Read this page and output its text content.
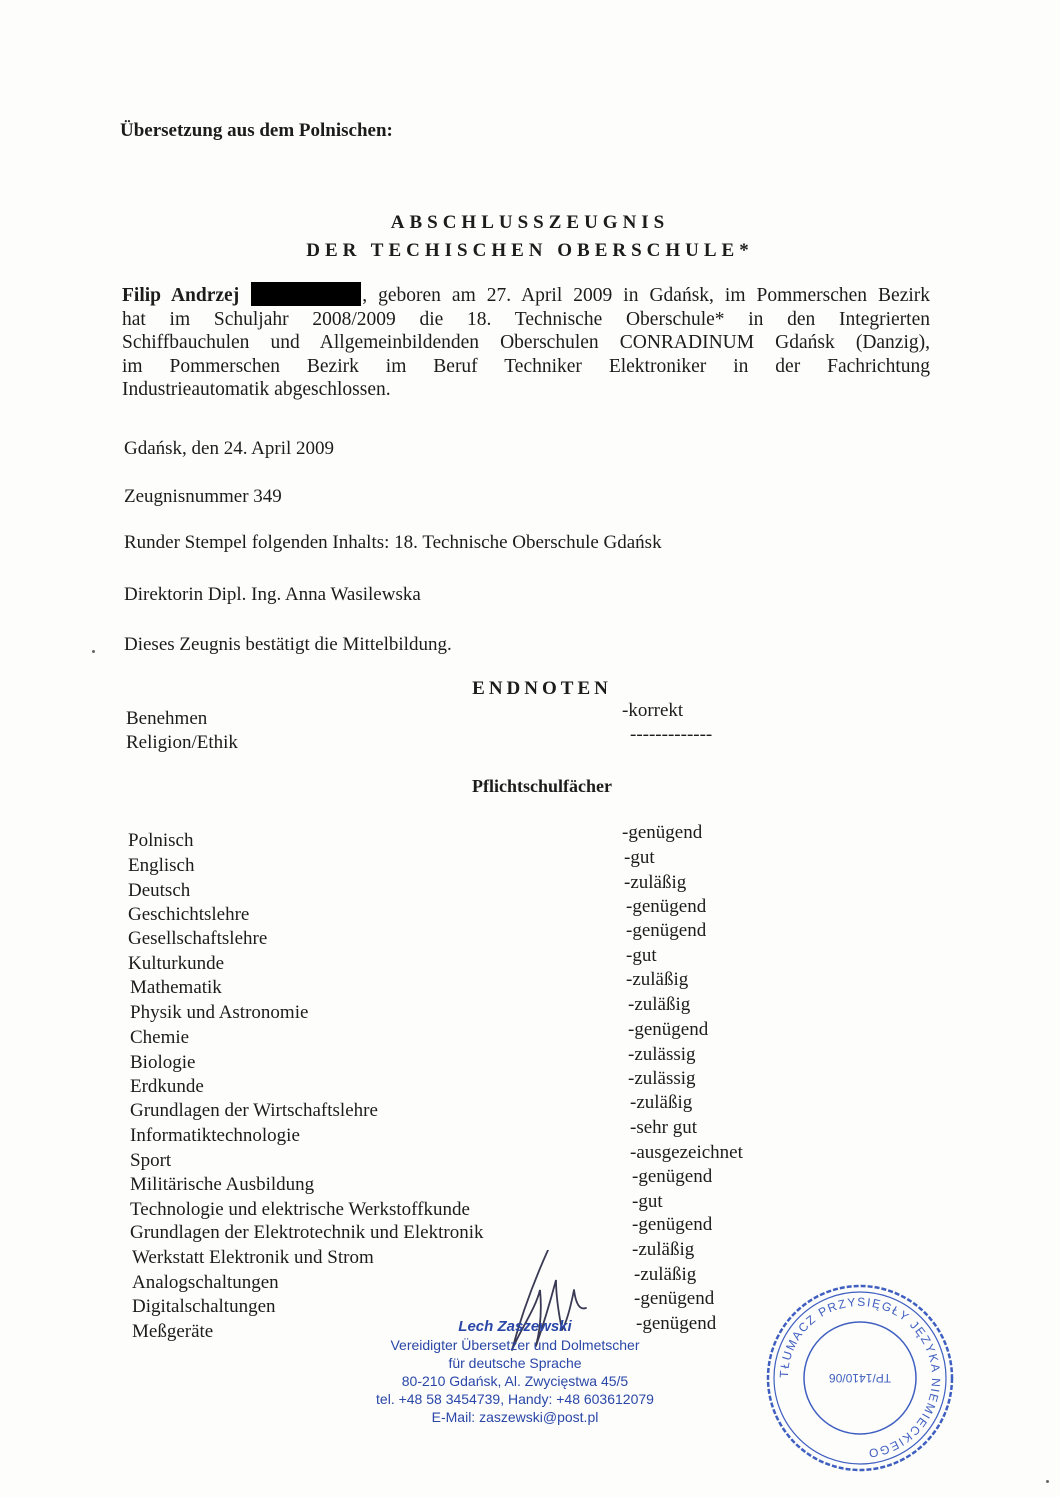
Übersetzung aus dem Polnischen:
ABSCHLUSSZEUGNIS
DER TECHISCHEN OBERSCHULE*
Filip Andrzej	, geboren am 27. April 2009 in Gdańsk, im Pommerschen Bezirk
hat im Schuljahr 2008/2009 die 18. Technische Oberschule* in den Integrierten
Schiffbauchulen und Allgemeinbildenden Oberschulen CONRADINUM Gdańsk (Danzig),
im Pommerschen Bezirk im Beruf Techniker Elektroniker in der Fachrichtung
Industrieautomatik abgeschlossen.
Gdańsk, den 24. April 2009
Zeugnisnummer 349
Runder Stempel folgenden Inhalts: 18. Technische Oberschule Gdańsk
Direktorin Dipl. Ing. Anna Wasilewska
Dieses Zeugnis bestätigt die Mittelbildung.
ENDNOTEN
Benehmen	-korrekt
Religion/Ethik	-------------
Pflichtschulfächer
Polnisch	-genügend
Englisch	-gut
Deutsch	-zuläßig
Geschichtslehre	-genügend
Gesellschaftslehre	-genügend
Kulturkunde	-gut
Mathematik	-zuläßig
Physik und Astronomie	-zuläßig
Chemie	-genügend
Biologie	-zulässig
Erdkunde	-zulässig
Grundlagen der Wirtschaftslehre	-zuläßig
Informatiktechnologie	-sehr gut
Sport	-ausgezeichnet
Militärische Ausbildung	-genügend
Technologie und elektrische Werkstoffkunde	-gut
Grundlagen der Elektrotechnik und Elektronik	-genügend
Werkstatt Elektronik und Strom	-zuläßig
Analogschaltungen	-zuläßig
Digitalschaltungen	-genügend
Meßgeräte	-genügend
Lech Zaszewski
Vereidigter Übersetzer und Dolmetscher
für deutsche Sprache
80-210 Gdańsk, Al. Zwycięstwa 45/5
tel. +48 58 3454739, Handy: +48 603612079
E-Mail: zaszewski@post.pl
TŁUMACZ PRZYSIĘGŁY JĘZYKA NIEMIECKIEGO
TP/1410/06
